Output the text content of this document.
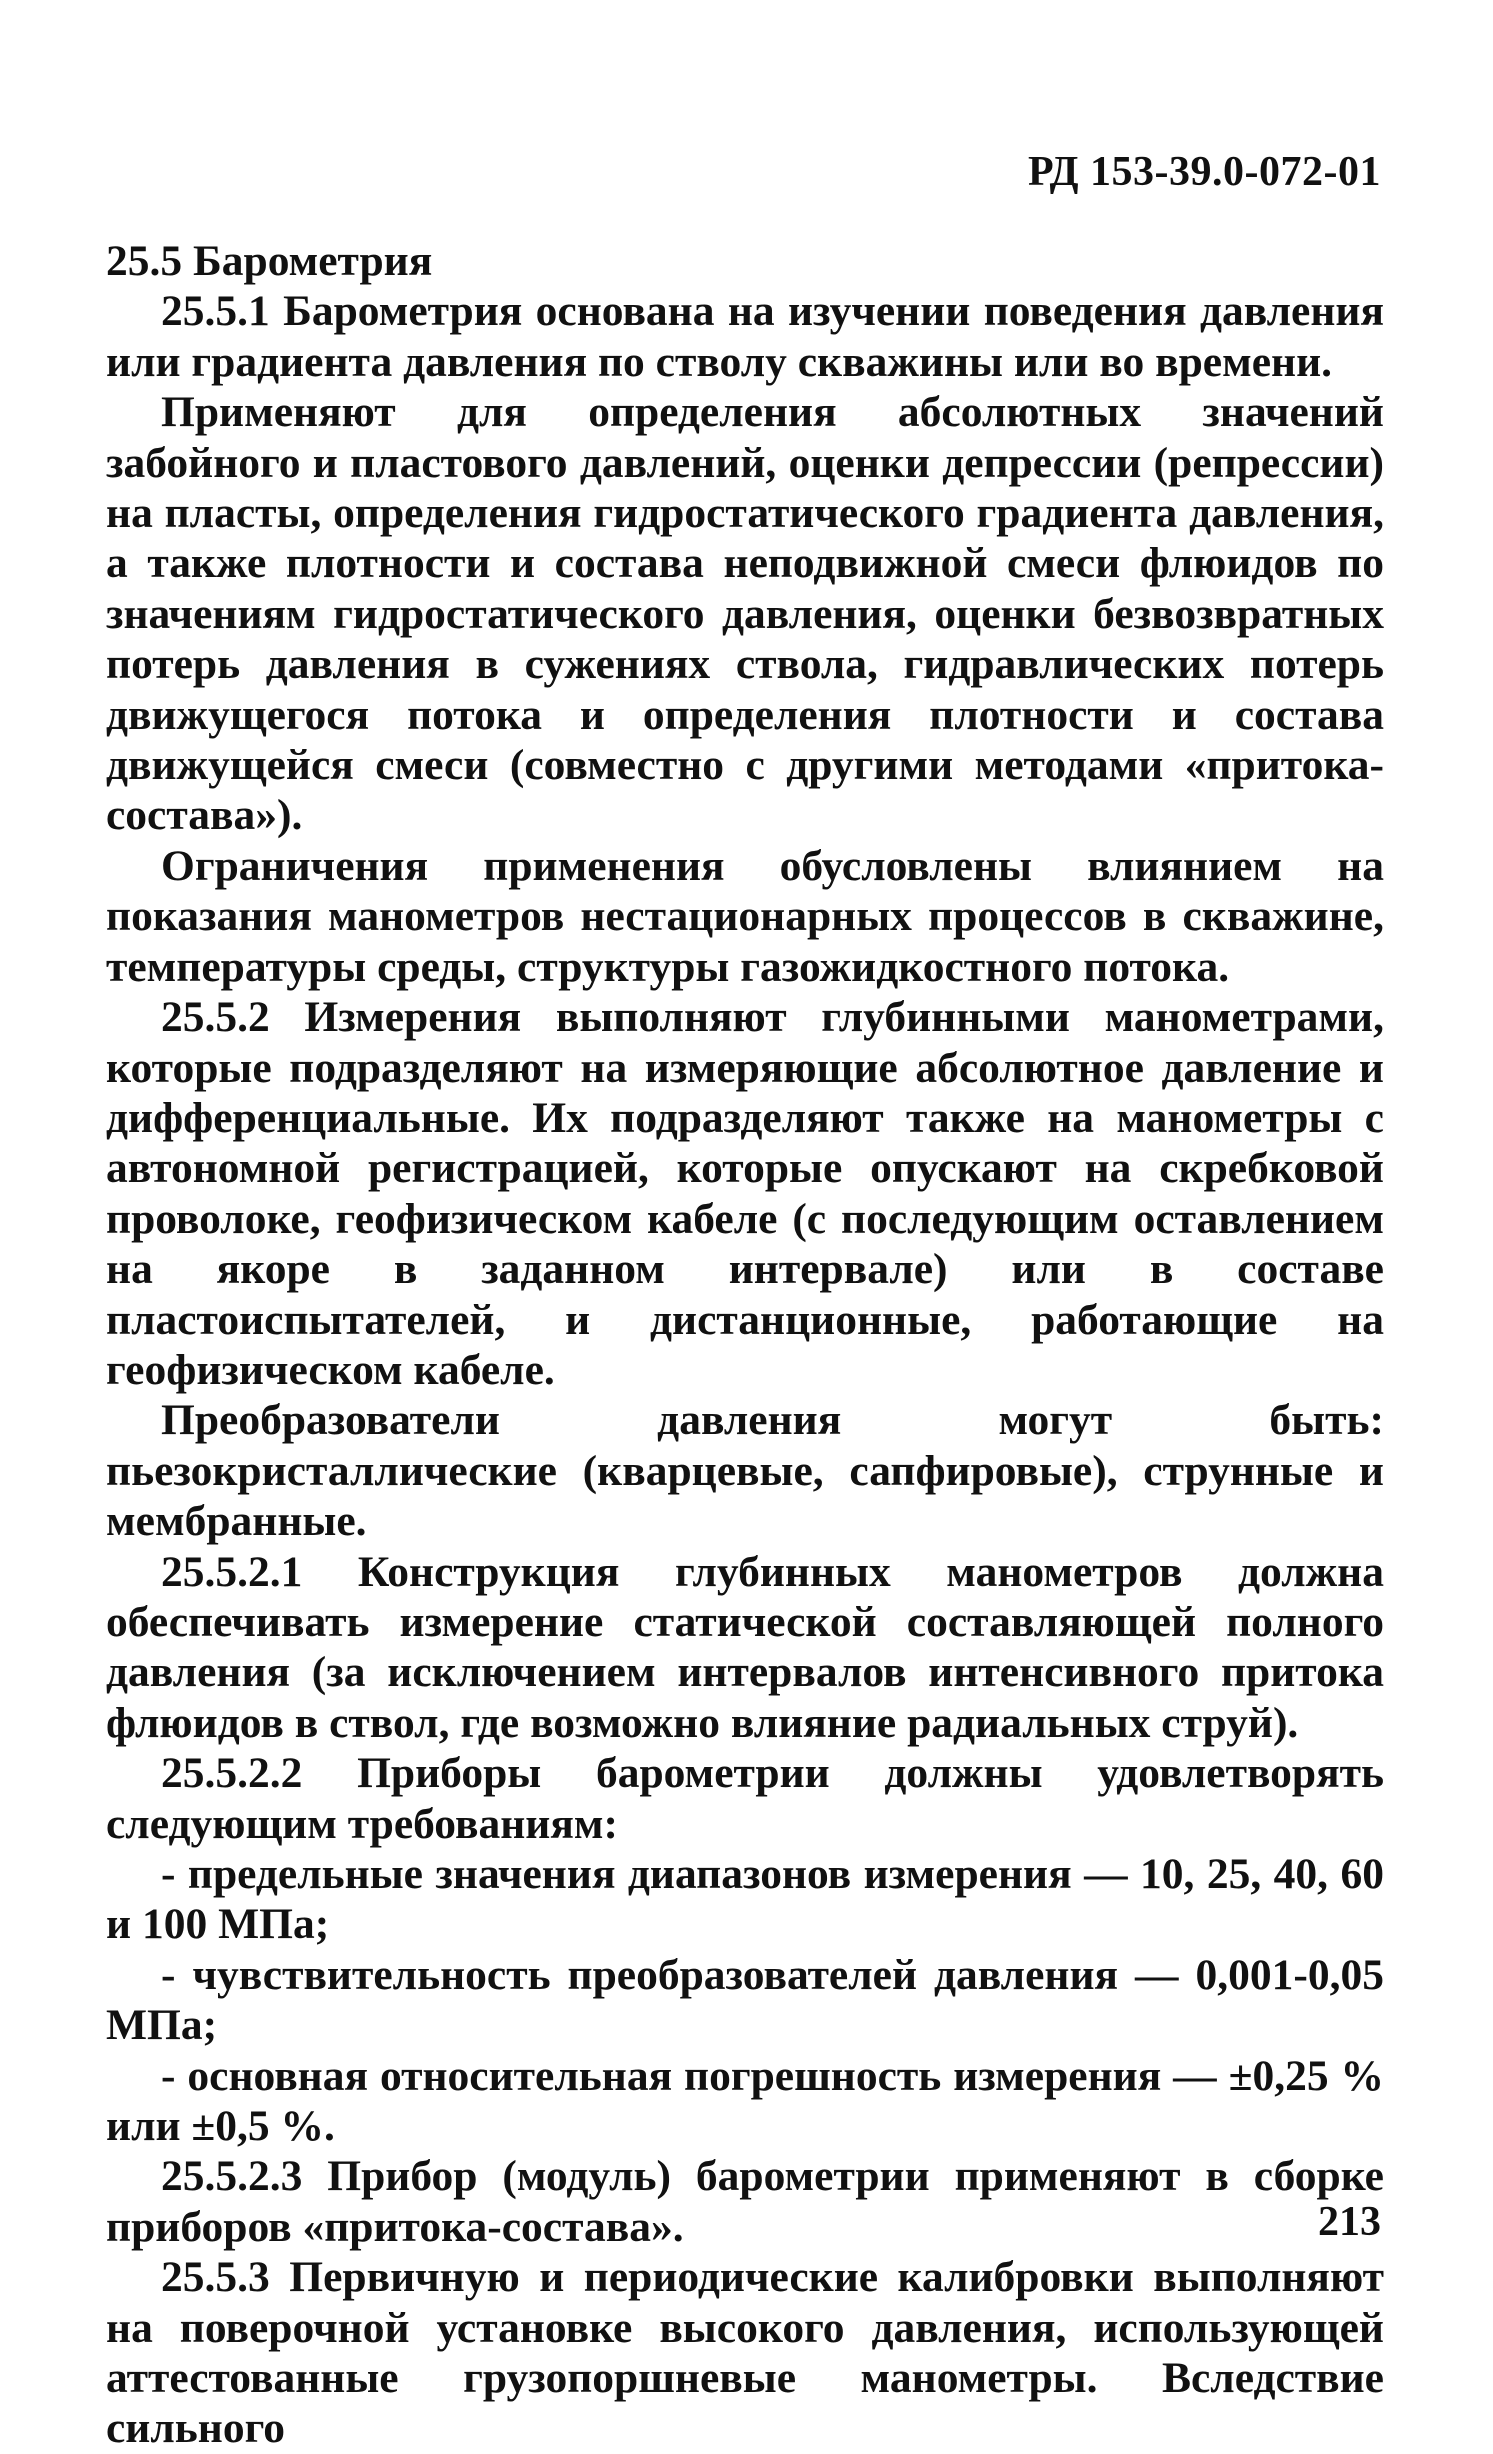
РД 153-39.0-072-01
25.5 Барометрия

25.5.1 Барометрия основана на изучении поведения давления или градиента давления по стволу скважины или во времени.

Применяют для определения абсолютных значений забойного и пластового давлений, оценки депрессии (репрессии) на пласты, определения гидростатического градиента давления, а также плотности и состава неподвижной смеси флюидов по значениям гидростатического давления, оценки безвозвратных потерь давления в сужениях ствола, гидравлических потерь движущегося потока и определения плотности и состава движущейся смеси (совместно с другими методами «притока-состава»).

Ограничения применения обусловлены влиянием на показания манометров нестационарных процессов в скважине, температуры среды, структуры газожидкостного потока.

25.5.2 Измерения выполняют глубинными манометрами, которые подразделяют на измеряющие абсолютное давление и дифференциальные. Их подразделяют также на манометры с автономной регистрацией, которые опускают на скребковой проволоке, геофизическом кабеле (с последующим оставлением на якоре в заданном интервале) или в составе пластоиспытателей, и дистанционные, работающие на геофизическом кабеле.

Преобразователи давления могут быть: пьезокристаллические (кварцевые, сапфировые), струнные и мембранные.

25.5.2.1 Конструкция глубинных манометров должна обеспечивать измерение статической составляющей полного давления (за исключением интервалов интенсивного притока флюидов в ствол, где возможно влияние радиальных струй).

25.5.2.2 Приборы барометрии должны удовлетворять следующим требованиям:

- предельные значения диапазонов измерения — 10, 25, 40, 60 и 100 МПа;

- чувствительность преобразователей давления — 0,001-0,05 МПа;

- основная относительная погрешность измерения — ±0,25 % или ±0,5 %.

25.5.2.3 Прибор (модуль) барометрии применяют в сборке приборов «притока-состава».

25.5.3 Первичную и периодические калибровки выполняют на поверочной установке высокого давления, использующей аттестованные грузопоршневые манометры. Вследствие сильного

213
